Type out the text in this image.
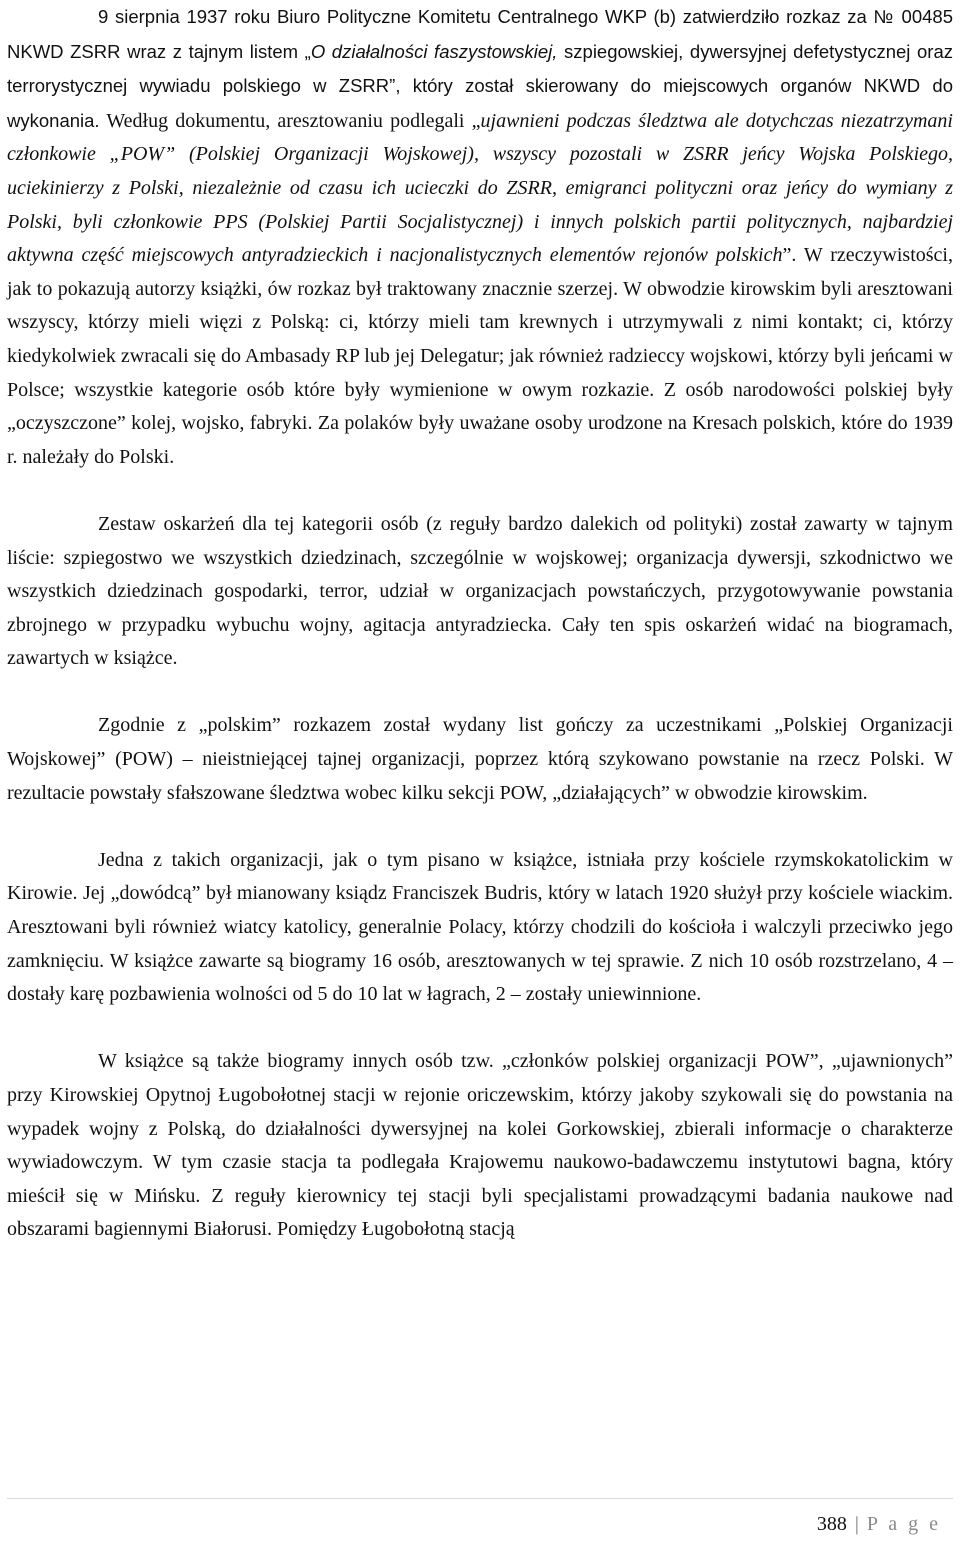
9 sierpnia 1937 roku Biuro Polityczne Komitetu Centralnego WKP (b) zatwierdziło rozkaz za № 00485 NKWD ZSRR wraz z tajnym listem „O działalności faszystowskiej, szpiegowskiej, dywersyjnej defetystycznej oraz terrorystycznej wywiadu polskiego w ZSRR”, który został skierowany do miejscowych organów NKWD do wykonania. Według dokumentu, aresztowaniu podlegali „ujawnieni podczas śledztwa ale dotychczas niezatrzymani członkowie „POW” (Polskiej Organizacji Wojskowej), wszyscy pozostali w ZSRR jeńcy Wojska Polskiego, uciekinierzy z Polski, niezależnie od czasu ich ucieczki do ZSRR, emigranci polityczni oraz jeńcy do wymiany z Polski, byli członkowie PPS (Polskiej Partii Socjalistycznej) i innych polskich partii politycznych, najbardziej aktywna część miejscowych antyradzieckich i nacjonalistycznych elementów rejonów polskich”. W rzeczywistości, jak to pokazują autorzy książki, ów rozkaz był traktowany znacznie szerzej. W obwodzie kirowskim byli aresztowani wszyscy, którzy mieli więzi z Polską: ci, którzy mieli tam krewnych i utrzymywali z nimi kontakt; ci, którzy kiedykolwiek zwracali się do Ambasady RP lub jej Delegatur; jak również radzieccy wojskowi, którzy byli jeńcami w Polsce; wszystkie kategorie osób które były wymienione w owym rozkazie. Z osób narodowości polskiej były „oczyszczone” kolej, wojsko, fabryki. Za polaków były uważane osoby urodzone na Kresach polskich, które do 1939 r. należały do Polski.

Zestaw oskarżeń dla tej kategorii osób (z reguły bardzo dalekich od polityki) został zawarty w tajnym liście: szpiegostwo we wszystkich dziedzinach, szczególnie w wojskowej; organizacja dywersji, szkodnictwo we wszystkich dziedzinach gospodarki, terror, udział w organizacjach powstańczych, przygotowywanie powstania zbrojnego w przypadku wybuchu wojny, agitacja antyradziecka. Cały ten spis oskarżeń widać na biogramach, zawartych w książce.

Zgodnie z „polskim” rozkazem został wydany list gończy za uczestnikami „Polskiej Organizacji Wojskowej” (POW) – nieistniejącej tajnej organizacji, poprzez którą szykowano powstanie na rzecz Polski. W rezultacie powstały sfałszowane śledztwa wobec kilku sekcji POW, „działających” w obwodzie kirowskim.

Jedna z takich organizacji, jak o tym pisano w książce, istniała przy kościele rzymskokatolickim w Kirowie. Jej „dowódcą” był mianowany ksiądz Franciszek Budris, który w latach 1920 służył przy kościele wiackim. Aresztowani byli również wiatcy katolicy, generalnie Polacy, którzy chodzili do kościoła i walczyli przeciwko jego zamknięciu. W książce zawarte są biogramy 16 osób, aresztowanych w tej sprawie. Z nich 10 osób rozstrzelano, 4 – dostały karę pozbawienia wolności od 5 do 10 lat w łagrach, 2 – zostały uniewinnione.

W książce są także biogramy innych osób tzw. „członków polskiej organizacji POW”, „ujawnionych” przy Kirowskiej Opytnoj Ługobołotnej stacji w rejonie oriczewskim, którzy jakoby szykowali się do powstania na wypadek wojny z Polską, do działalności dywersyjnej na kolei Gorkowskiej, zbierali informacje o charakterze wywiadowczym. W tym czasie stacja ta podlegała Krajowemu naukowo-badawczemu instytutowi bagna, który mieścił się w Mińsku. Z reguły kierownicy tej stacji byli specjalistami prowadzącymi badania naukowe nad obszarami bagiennymi Białorusi. Pomiędzy Ługobołotną stacją

388 | P a g e
